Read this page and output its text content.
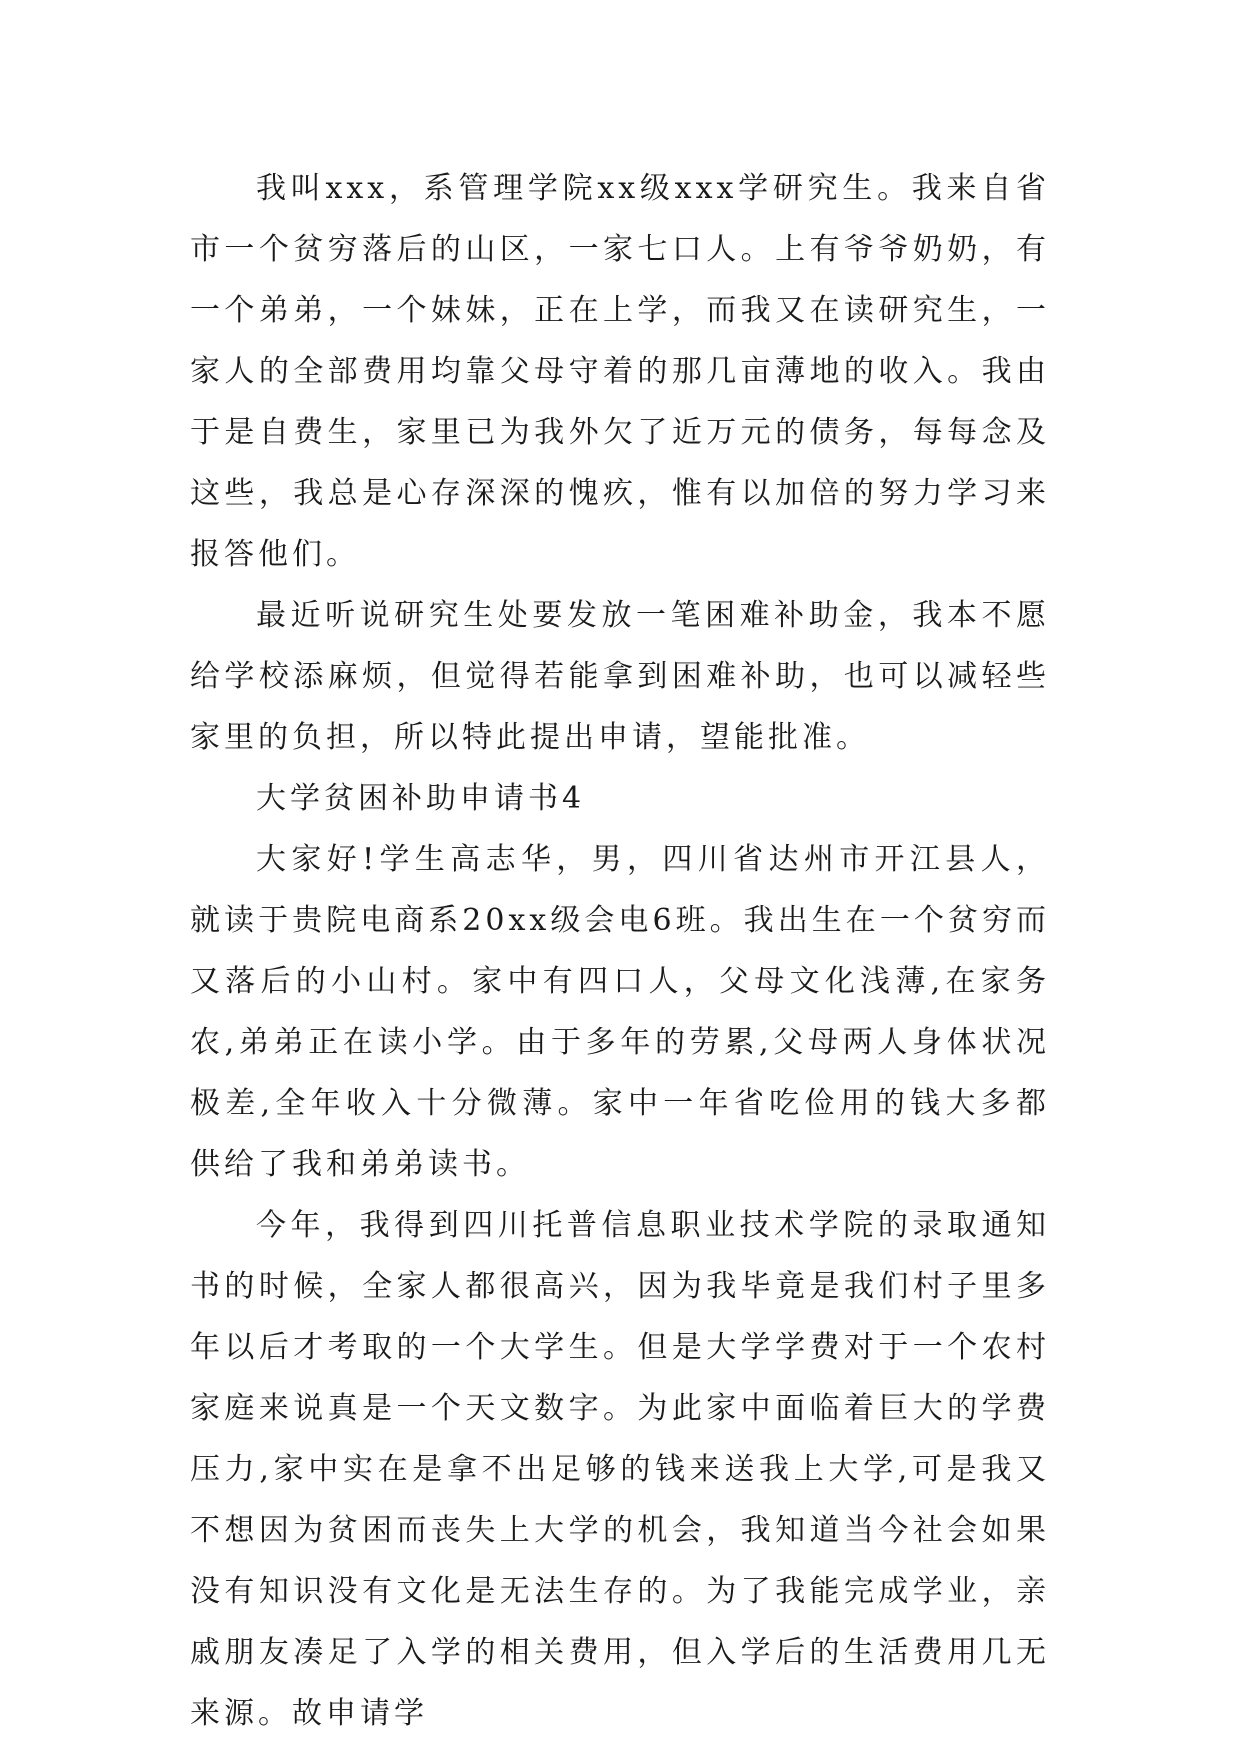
我叫xxx，系管理学院xx级xxx学研究生。我来自省市一个贫穷落后的山区，一家七口人。上有爷爷奶奶，有一个弟弟，一个妹妹，正在上学，而我又在读研究生，一家人的全部费用均靠父母守着的那几亩薄地的收入。我由于是自费生，家里已为我外欠了近万元的债务，每每念及这些，我总是心存深深的愧疚，惟有以加倍的努力学习来报答他们。

最近听说研究生处要发放一笔困难补助金，我本不愿给学校添麻烦，但觉得若能拿到困难补助，也可以减轻些家里的负担，所以特此提出申请，望能批准。

大学贫困补助申请书4

大家好!学生高志华，男，四川省达州市开江县人，就读于贵院电商系20xx级会电6班。我出生在一个贫穷而又落后的小山村。家中有四口人，父母文化浅薄,在家务农,弟弟正在读小学。由于多年的劳累,父母两人身体状况极差,全年收入十分微薄。家中一年省吃俭用的钱大多都供给了我和弟弟读书。

今年，我得到四川托普信息职业技术学院的录取通知书的时候，全家人都很高兴，因为我毕竟是我们村子里多年以后才考取的一个大学生。但是大学学费对于一个农村家庭来说真是一个天文数字。为此家中面临着巨大的学费压力,家中实在是拿不出足够的钱来送我上大学,可是我又不想因为贫困而丧失上大学的机会，我知道当今社会如果没有知识没有文化是无法生存的。为了我能完成学业，亲戚朋友凑足了入学的相关费用，但入学后的生活费用几无来源。故申请学
